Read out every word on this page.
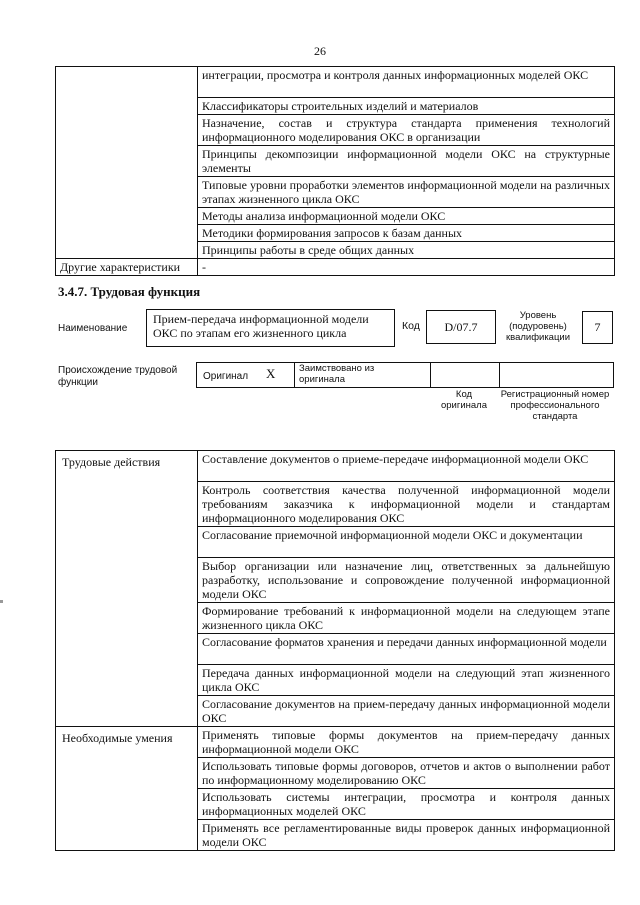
26
	интеграции, просмотра и контроля данных информационных моделей ОКС
	Классификаторы строительных изделий и материалов
	Назначение, состав и структура стандарта применения технологий информационного моделирования ОКС в организации
	Принципы декомпозиции информационной модели ОКС на структурные элементы
	Типовые уровни проработки элементов информационной модели на различных этапах жизненного цикла ОКС
	Методы анализа информационной модели ОКС
	Методики формирования запросов к базам данных
	Принципы работы в среде общих данных
Другие характеристики	-
3.4.7. Трудовая функция
Наименование
Прием-передача информационной модели ОКС по этапам его жизненного цикла	Код	D/07.7
Уровень (подуровень) квалификации
7
Происхождение трудовой функции
Оригинал X Заимствовано из оригинала
Код оригинала
Регистрационный номер профессионального стандарта
Трудовые действия	Составление документов о приеме-передаче информационной модели ОКС
	Контроль соответствия качества полученной информационной модели требованиям заказчика к информационной модели и стандартам информационного моделирования ОКС
	Согласование приемочной информационной модели ОКС и документации
	Выбор организации или назначение лиц, ответственных за дальнейшую разработку, использование и сопровождение полученной информационной модели ОКС
	Формирование требований к информационной модели на следующем этапе жизненного цикла ОКС
	Согласование форматов хранения и передачи данных информационной модели
	Передача данных информационной модели на следующий этап жизненного цикла ОКС
	Согласование документов на прием-передачу данных информационной модели ОКС
Необходимые умения	Применять типовые формы документов на прием-передачу данных информационной модели ОКС
	Использовать типовые формы договоров, отчетов и актов о выполнении работ по информационному моделированию ОКС
	Использовать системы интеграции, просмотра и контроля данных информационных моделей ОКС
	Применять все регламентированные виды проверок данных информационной модели ОКС
